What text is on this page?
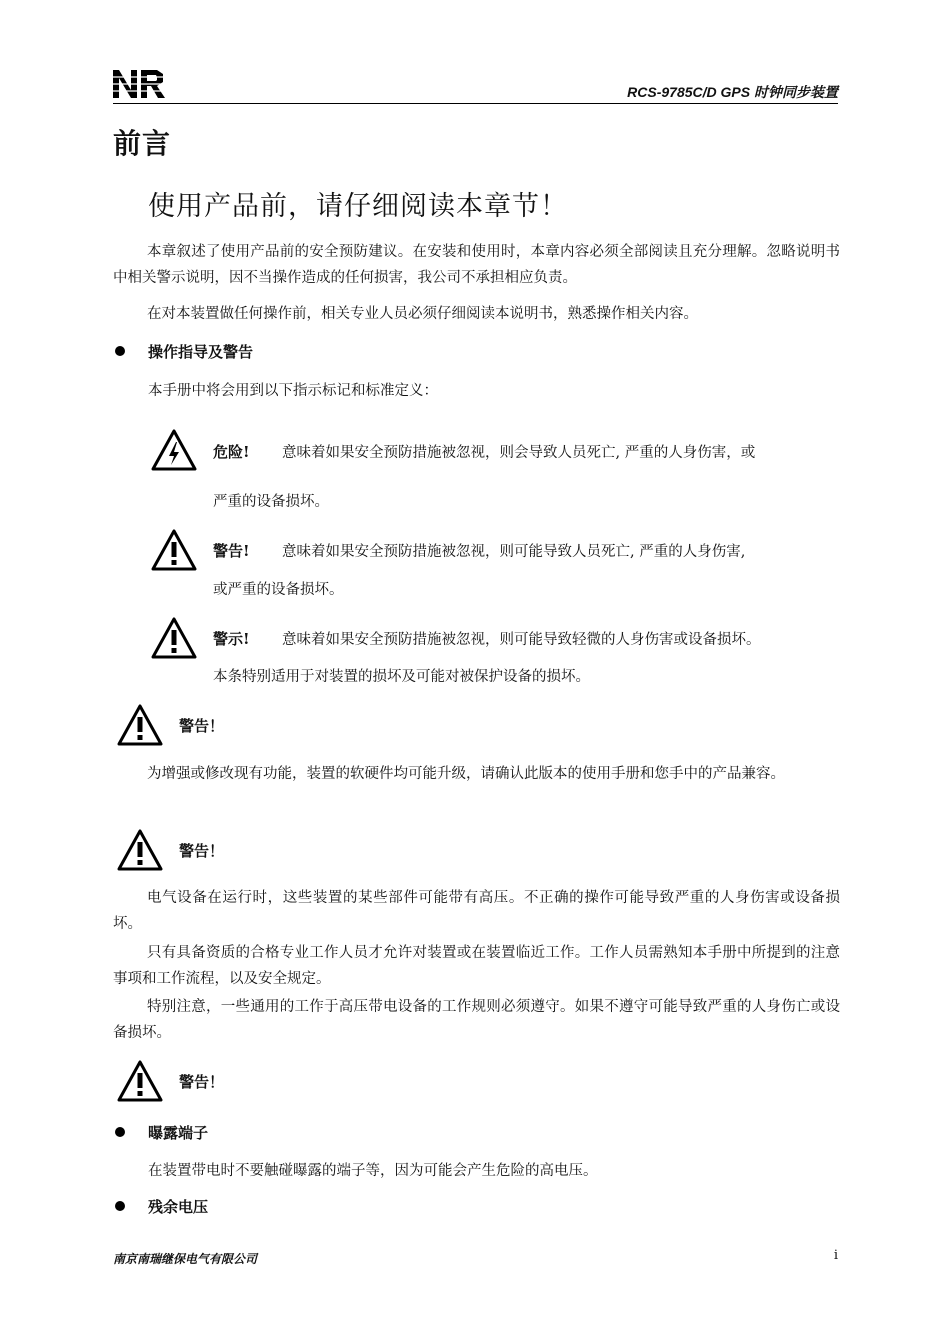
RCS-9785C/D GPS 时钟同步装置
前言
使用产品前，请仔细阅读本章节！
本章叙述了使用产品前的安全预防建议。在安装和使用时，本章内容必须全部阅读且充分理解。忽略说明书中相关警示说明，因不当操作造成的任何损害，我公司不承担相应负责。
在对本装置做任何操作前，相关专业人员必须仔细阅读本说明书，熟悉操作相关内容。
操作指导及警告
本手册中将会用到以下指示标记和标准定义：
危险! 意味着如果安全预防措施被忽视，则会导致人员死亡, 严重的人身伤害，或
严重的设备损坏。
警告! 意味着如果安全预防措施被忽视，则可能导致人员死亡, 严重的人身伤害,
或严重的设备损坏。
警示! 意味着如果安全预防措施被忽视，则可能导致轻微的人身伤害或设备损坏。
本条特别适用于对装置的损坏及可能对被保护设备的损坏。
警告！
为增强或修改现有功能，装置的软硬件均可能升级，请确认此版本的使用手册和您手中的产品兼容。
警告！
电气设备在运行时，这些装置的某些部件可能带有高压。不正确的操作可能导致严重的人身伤害或设备损坏。
只有具备资质的合格专业工作人员才允许对装置或在装置临近工作。工作人员需熟知本手册中所提到的注意事项和工作流程，以及安全规定。
特别注意，一些通用的工作于高压带电设备的工作规则必须遵守。如果不遵守可能导致严重的人身伤亡或设备损坏。
警告！
曝露端子
在装置带电时不要触碰曝露的端子等，因为可能会产生危险的高电压。
残余电压
南京南瑞继保电气有限公司	i
